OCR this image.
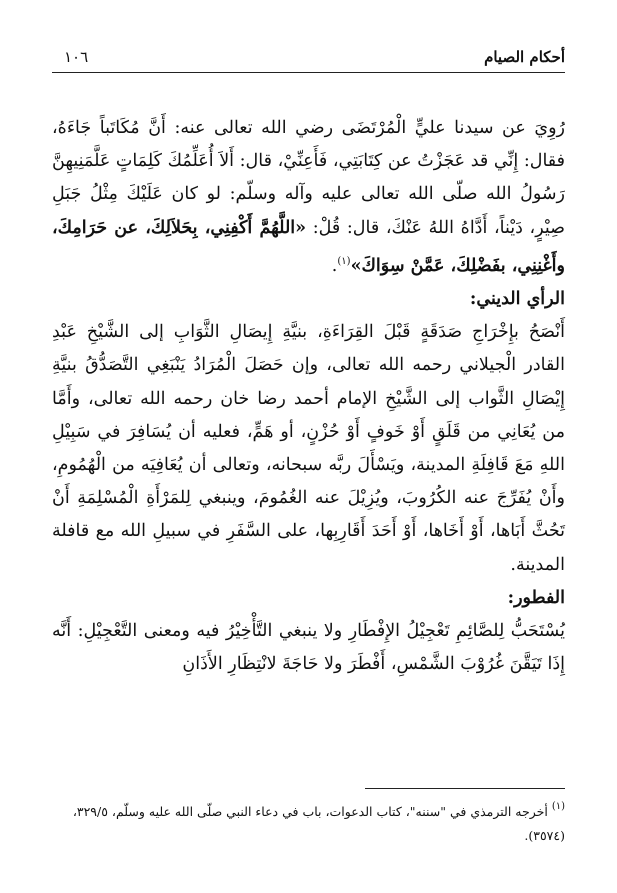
أحكام الصيام
١٠٦

رُوِيَ عن سيدنا عليٍّ الْمُرْتَضَى رضي الله تعالى عنه: أَنَّ مُكَاتَباً جَاءَهُ، فقال: إِنِّي قد عَجَزْتُ عن كِتَابَتِي، فَأَعِنِّيْ، قال: أَلاَ أُعَلِّمُكَ كَلِمَاتٍ عَلَّمَنِيهِنَّ رَسُولُ الله صلّى الله تعالى عليه وآله وسلّم: لو كان عَلَيْكَ مِثْلُ جَبَلِ صِيْرٍ، دَيْناً، أَدَّاهُ اللهُ عَنْكَ، قال: قُلْ: «اللَّهُمَّ أَكْفِنِي، بِحَلاَلِكَ، عن حَرَامِكَ، وأَغْنِنِي، بفَضْلِكَ، عَمَّنْ سِوَاكَ»$^{(١)}$.

الرأي الديني:

أَنْصَحُ بإِخْرَاجِ صَدَقَةٍ قَبْلَ القِرَاءَةِ، بنيَّةِ إِيصَالِ الثَّوَابِ إلى الشَّيْخِ عَبْدِ القادر الْجيلاني رحمه الله تعالى، وإن حَصَلَ الْمُرَادُ يَنْبَغِي التَّصَدُّقُ بنيَّةِ إِيْصَالِ الثَّواب إلى الشَّيْخِ الإمام أحمد رضا خان رحمه الله تعالى، وأَمَّا من يُعَانِي من قَلَقٍ أَوْ خَوفٍ أَوْ حُزْنٍ، أو هَمٍّ، فعليه أن يُسَافِرَ في سَبِيْلِ اللهِ مَعَ قَافِلَةِ المدينة، ويَسْأَلَ ربَّه سبحانه، وتعالى أن يُعَافِيَه من الْهُمُومِ، وأَنْ يُفَرِّجَ عنه الكُرُوبَ، ويُزِيْلَ عنه الغُمُومَ، وينبغي لِلمَرْأَةِ الْمُسْلِمَةِ أَنْ تَحُثَّ أَبَاها، أَوْ أَخَاها، أَوْ أَحَدَ أَقَارِبِها، على السَّفَرِ في سبيلِ الله مع قافلة المدينة.

الفطور:

يُسْتَحَبُّ لِلصَّائِمِ تَعْجِيْلُ الإِفْطَارِ ولا ينبغي التَّأْخِيْرُ فيه ومعنى التَّعْجِيْلِ: أَنَّه إِذَا تَيَقَّنَ غُرُوْبَ الشَّمْسِ، أَفْطَرَ ولا حَاجَةَ لانْتِظَارِ الأَذَانِ

$^{(١)}$ أخرجه الترمذي في "سننه"، كتاب الدعوات، باب في دعاء النبي صلّى الله عليه وسلّم، ٣٢٩/٥، (٣٥٧٤).
